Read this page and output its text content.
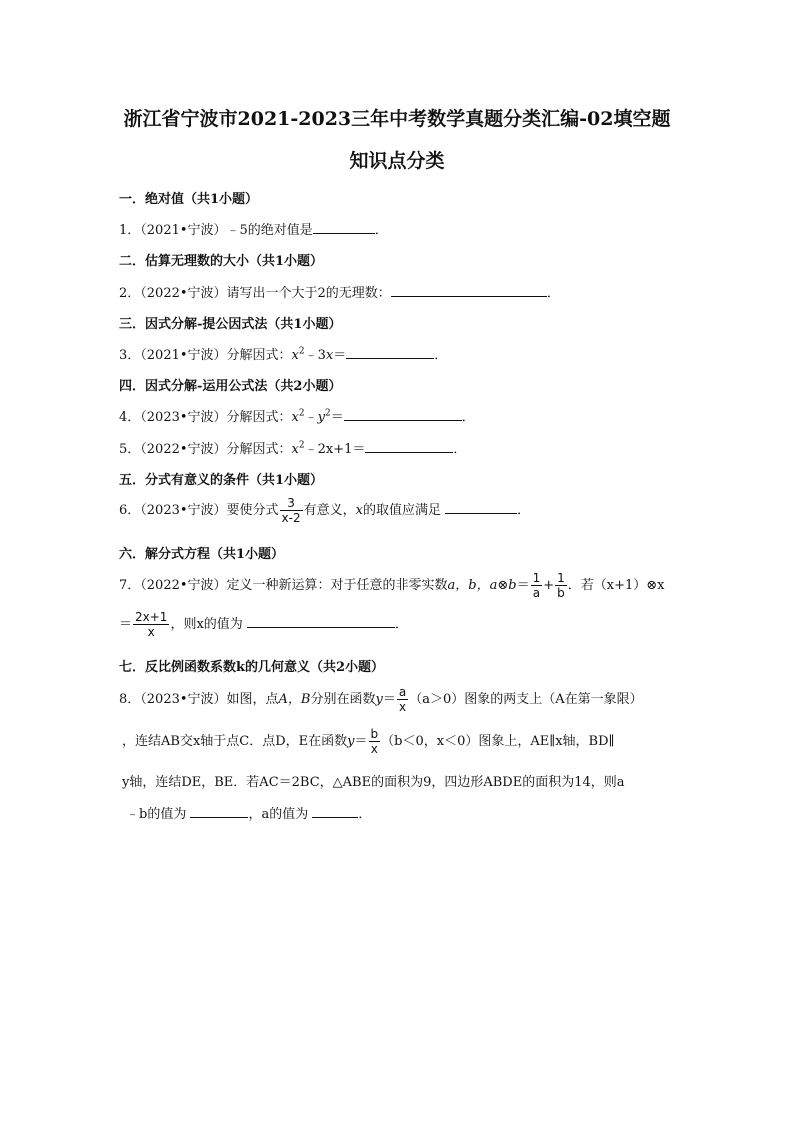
浙江省宁波市2021-2023三年中考数学真题分类汇编-02填空题
知识点分类
一．绝对值（共1小题）
1．（2021•宁波）﹣5的绝对值是	．
二．估算无理数的大小（共1小题）
2．（2022•宁波）请写出一个大于2的无理数：	．
三．因式分解-提公因式法（共1小题）
3．（2021•宁波）分解因式：$x^2﹣3x=$	．
四．因式分解-运用公式法（共2小题）
4．（2023•宁波）分解因式：$x^2﹣y^2=$	．
5．（2022•宁波）分解因式：$x^2﹣2x+1=$	．
五．分式有意义的条件（共1小题）
6．（2023•宁波）要使分式 $\frac{3}{x-2}$ 有意义，x的取值应满足	．
六．解分式方程（共1小题）
7．（2022•宁波）定义一种新运算：对于任意的非零实数a，b，a⊗b＝ $\frac{1}{a} + \frac{1}{b}$ ．若（x+1）⊗x
＝ $\frac{2x+1}{x}$ ，则x的值为	．
七．反比例函数系数k的几何意义（共2小题）
8．（2023•宁波）如图，点A，B分别在函数$y= \frac{a}{x} (a>0)$图象的两支上（A在第一象限）
，连结AB交x轴于点C．点D，E在函数$y= \frac{b}{x} (b<0$，x＜0）图象上，AE∥x轴，BD∥
y轴，连结DE，BE．若AC＝2BC，△ABE的面积为9，四边形ABDE的面积为14，则a
﹣b的值为	，a的值为	．
